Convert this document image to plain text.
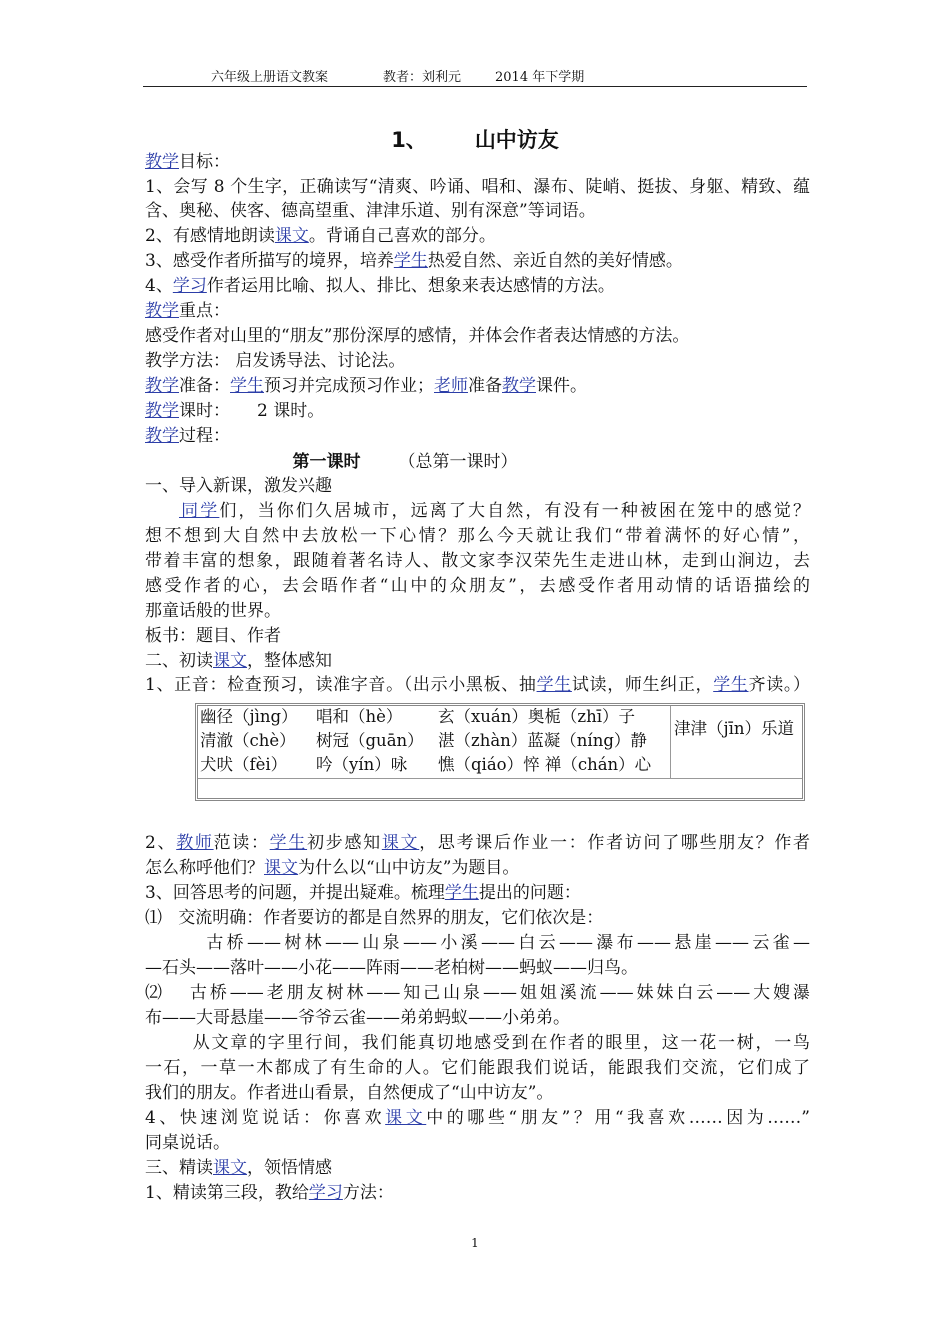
六年级上册语文教案	教者：刘利元	2014 年下学期
1、 山中访友
教学目标：
1、会写 8 个生字，正确读写“清爽、吟诵、唱和、瀑布、陡峭、挺拔、身躯、精致、蕴
含、奥秘、侠客、德高望重、津津乐道、别有深意”等词语。
2、有感情地朗读课文。背诵自己喜欢的部分。
3、感受作者所描写的境界，培养学生热爱自然、亲近自然的美好情感。
4、学习作者运用比喻、拟人、排比、想象来表达感情的方法。
教学重点：
感受作者对山里的“朋友”那份深厚的感情，并体会作者表达情感的方法。
教学方法： 启发诱导法、讨论法。
教学准备：学生预习并完成预习作业；老师准备教学课件。
教学课时：     2 课时。
教学过程：
第一课时 （总第一课时）
一、导入新课，激发兴趣
同学们，当你们久居城市，远离了大自然，有没有一种被困在笼中的感觉？
想不想到大自然中去放松一下心情？那么今天就让我们“带着满怀的好心情”，
带着丰富的想象，跟随着著名诗人、散文家李汉荣先生走进山林，走到山涧边，去
感受作者的心，去会晤作者“山中的众朋友”，去感受作者用动情的话语描绘的
那童话般的世界。
板书：题目、作者
二、初读课文，整体感知
1、正音：检查预习，读准字音。（出示小黑板、抽学生试读，师生纠正，学生齐读。）
幽径（jìng） 唱和（hè） 玄（xuán）奥栀（zhī）子
清澈（chè） 树冠（guān） 湛（zhàn）蓝凝（níng）静
犬吠（fèi） 吟（yín）咏 憔（qiáo）悴 禅（chán）心
津津（jīn）乐道
2、教师范读：学生初步感知课文，思考课后作业一：作者访问了哪些朋友？作者
怎么称呼他们？课文为什么以“山中访友”为题目。
3、回答思考的问题，并提出疑难。梳理学生提出的问题：
⑴   交流明确：作者要访的都是自然界的朋友，它们依次是：
古桥——树林——山泉——小溪——白云——瀑布——悬崖——云雀—
—石头——落叶——小花——阵雨——老柏树——蚂蚁——归鸟。
⑵   古桥——老朋友树林——知己山泉——姐姐溪流——妹妹白云——大嫂瀑
布——大哥悬崖——爷爷云雀——弟弟蚂蚁——小弟弟。
从文章的字里行间，我们能真切地感受到在作者的眼里，这一花一树，一鸟
一石，一草一木都成了有生命的人。它们能跟我们说话，能跟我们交流，它们成了
我们的朋友。作者进山看景，自然便成了“山中访友”。
4、快速浏览说话：你喜欢课文中的哪些“朋友”？用“我喜欢……因为……”
同桌说话。
三、精读课文，领悟情感
1、精读第三段，教给学习方法：
1
